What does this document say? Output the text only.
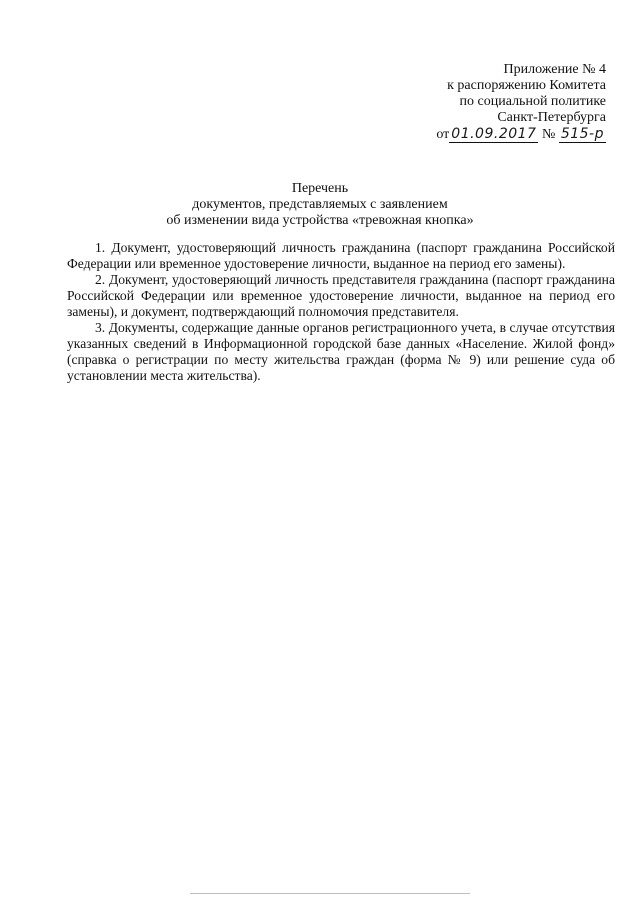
Приложение № 4
к распоряжению Комитета
по социальной политике
Санкт-Петербурга
от 01.09.2017 № 515-р
Перечень
документов, представляемых с заявлением
об изменении вида устройства «тревожная кнопка»

1. Документ, удостоверяющий личность гражданина (паспорт гражданина Российской Федерации или временное удостоверение личности, выданное на период его замены).

2. Документ, удостоверяющий личность представителя гражданина (паспорт гражданина Российской Федерации или временное удостоверение личности, выданное на период его замены), и документ, подтверждающий полномочия представителя.

3. Документы, содержащие данные органов регистрационного учета, в случае отсутствия указанных сведений в Информационной городской базе данных «Население. Жилой фонд» (справка о регистрации по месту жительства граждан (форма № 9) или решение суда об установлении места жительства).
